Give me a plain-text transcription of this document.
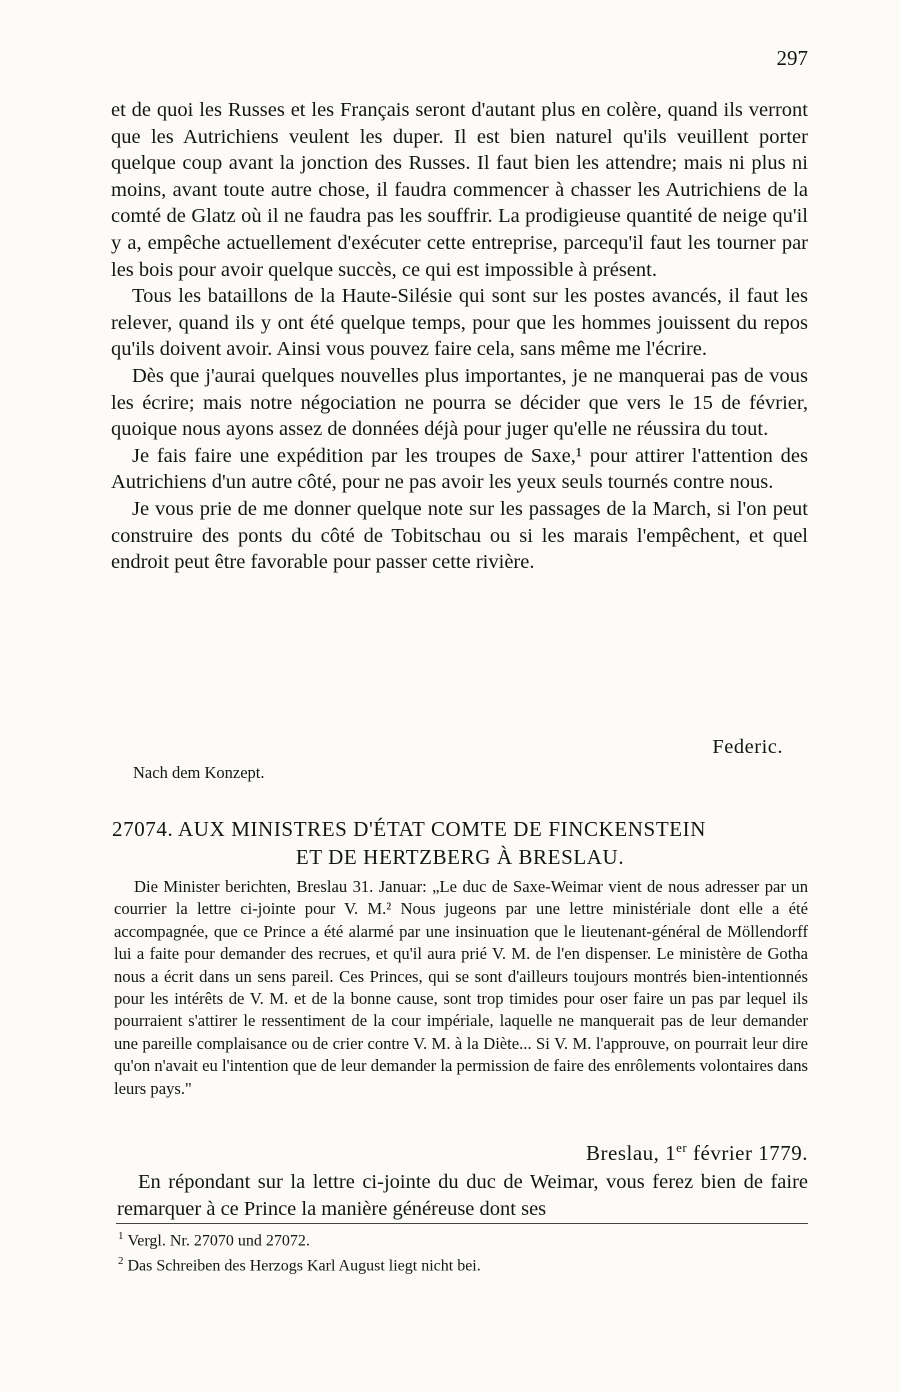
297

et de quoi les Russes et les Français seront d'autant plus en colère, quand ils verront que les Autrichiens veulent les duper. Il est bien naturel qu'ils veuillent porter quelque coup avant la jonction des Russes. Il faut bien les attendre; mais ni plus ni moins, avant toute autre chose, il faudra commencer à chasser les Autrichiens de la comté de Glatz où il ne faudra pas les souffrir. La prodigieuse quantité de neige qu'il y a, empêche actuellement d'exécuter cette entreprise, parcequ'il faut les tourner par les bois pour avoir quelque succès, ce qui est impossible à présent.

Tous les bataillons de la Haute-Silésie qui sont sur les postes avancés, il faut les relever, quand ils y ont été quelque temps, pour que les hommes jouissent du repos qu'ils doivent avoir. Ainsi vous pouvez faire cela, sans même me l'écrire.

Dès que j'aurai quelques nouvelles plus importantes, je ne manquerai pas de vous les écrire; mais notre négociation ne pourra se décider que vers le 15 de février, quoique nous ayons assez de données déjà pour juger qu'elle ne réussira du tout.

Je fais faire une expédition par les troupes de Saxe,¹ pour attirer l'attention des Autrichiens d'un autre côté, pour ne pas avoir les yeux seuls tournés contre nous.

Je vous prie de me donner quelque note sur les passages de la March, si l'on peut construire des ponts du côté de Tobitschau ou si les marais l'empêchent, et quel endroit peut être favorable pour passer cette rivière.

Federic.
Nach dem Konzept.
27074. AUX MINISTRES D'ÉTAT COMTE DE FINCKENSTEIN
ET DE HERTZBERG À BRESLAU.

Die Minister berichten, Breslau 31. Januar: „Le duc de Saxe-Weimar vient de nous adresser par un courrier la lettre ci-jointe pour V. M.² Nous jugeons par une lettre ministériale dont elle a été accompagnée, que ce Prince a été alarmé par une insinuation que le lieutenant-général de Möllendorff lui a faite pour demander des recrues, et qu'il aura prié V. M. de l'en dispenser. Le ministère de Gotha nous a écrit dans un sens pareil. Ces Princes, qui se sont d'ailleurs toujours montrés bien-intentionnés pour les intérêts de V. M. et de la bonne cause, sont trop timides pour oser faire un pas par lequel ils pourraient s'attirer le ressentiment de la cour impériale, laquelle ne manquerait pas de leur demander une pareille complaisance ou de crier contre V. M. à la Diète... Si V. M. l'approuve, on pourrait leur dire qu'on n'avait eu l'intention que de leur demander la permission de faire des enrôlements volontaires dans leurs pays."

Breslau, 1er février 1779.

En répondant sur la lettre ci-jointe du duc de Weimar, vous ferez bien de faire remarquer à ce Prince la manière généreuse dont ses

$^1$ Vergl. Nr. 27070 und 27072.
$^2$ Das Schreiben des Herzogs Karl August liegt nicht bei.
